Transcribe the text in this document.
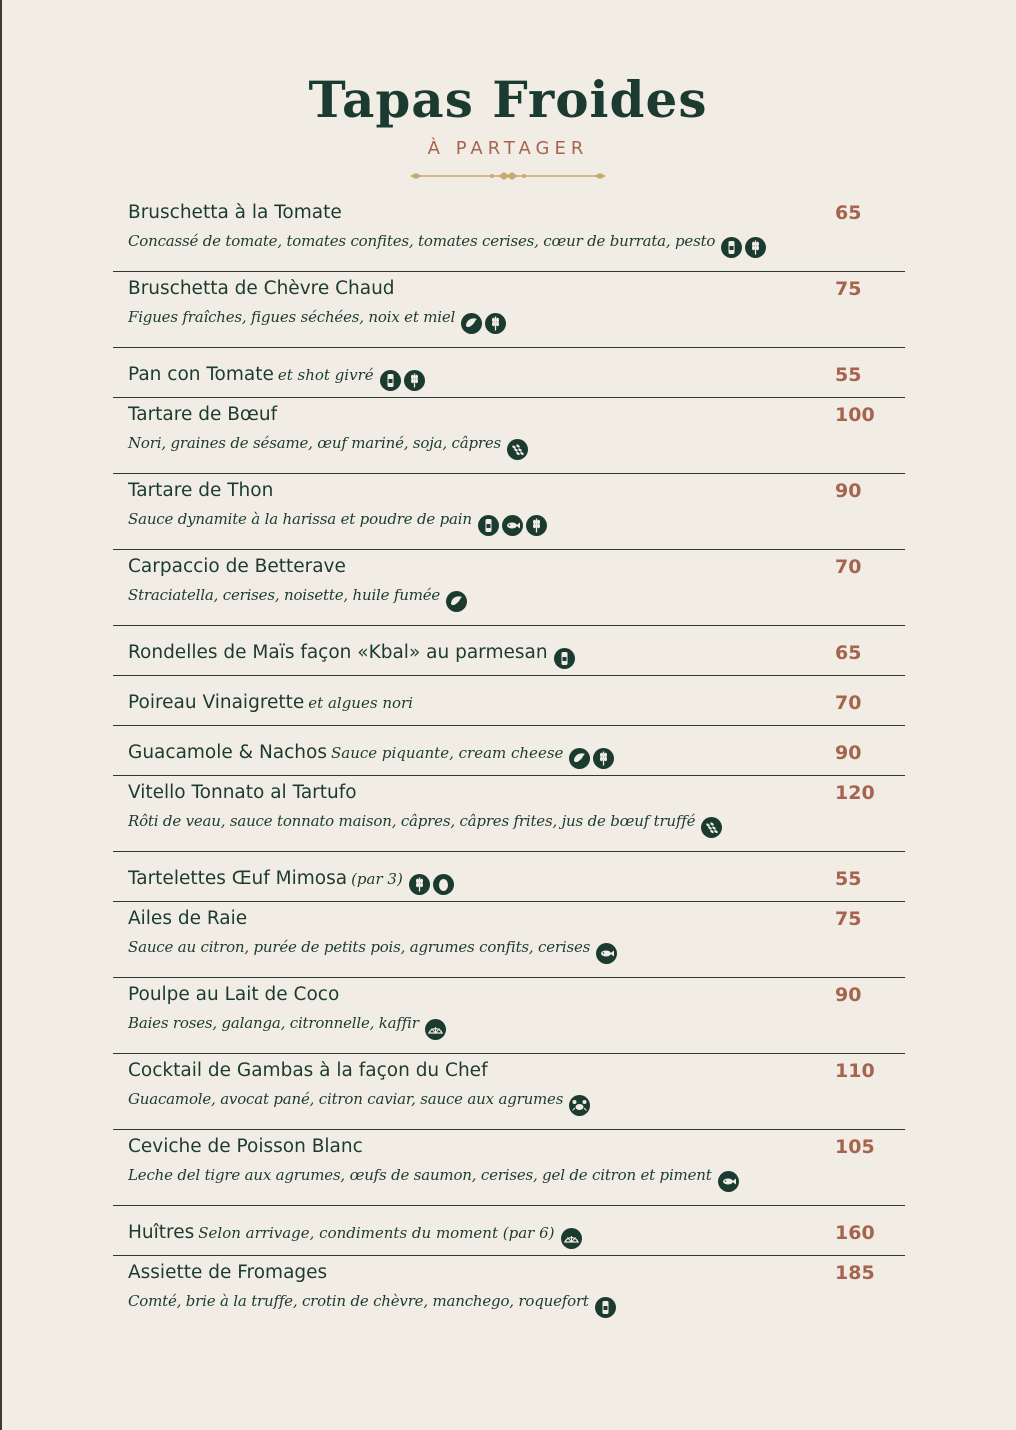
Tapas Froides
À PARTAGER
Bruschetta à la Tomate
Concassé de tomate, tomates confites, tomates cerises, cœur de burrata, pesto
65
Bruschetta de Chèvre Chaud
Figues fraîches, figues séchées, noix et miel
75
Pan con Tomate et shot givré	55
Tartare de Bœuf
Nori, graines de sésame, œuf mariné, soja, câpres
100
Tartare de Thon
Sauce dynamite à la harissa et poudre de pain
90
Carpaccio de Betterave
Straciatella, cerises, noisette, huile fumée
70
Rondelles de Maïs façon «Kbal» au parmesan	65
Poireau Vinaigrette et algues nori	70
Guacamole & Nachos Sauce piquante, cream cheese	90
Vitello Tonnato al Tartufo
Rôti de veau, sauce tonnato maison, câpres, câpres frites, jus de bœuf truffé
120
Tartelettes Œuf Mimosa (par 3)	55
Ailes de Raie
Sauce au citron, purée de petits pois, agrumes confits, cerises
75
Poulpe au Lait de Coco
Baies roses, galanga, citronnelle, kaffir
90
Cocktail de Gambas à la façon du Chef
Guacamole, avocat pané, citron caviar, sauce aux agrumes
110
Ceviche de Poisson Blanc
Leche del tigre aux agrumes, œufs de saumon, cerises, gel de citron et piment
105
Huîtres Selon arrivage, condiments du moment (par 6)	160
Assiette de Fromages
Comté, brie à la truffe, crotin de chèvre, manchego, roquefort
185
